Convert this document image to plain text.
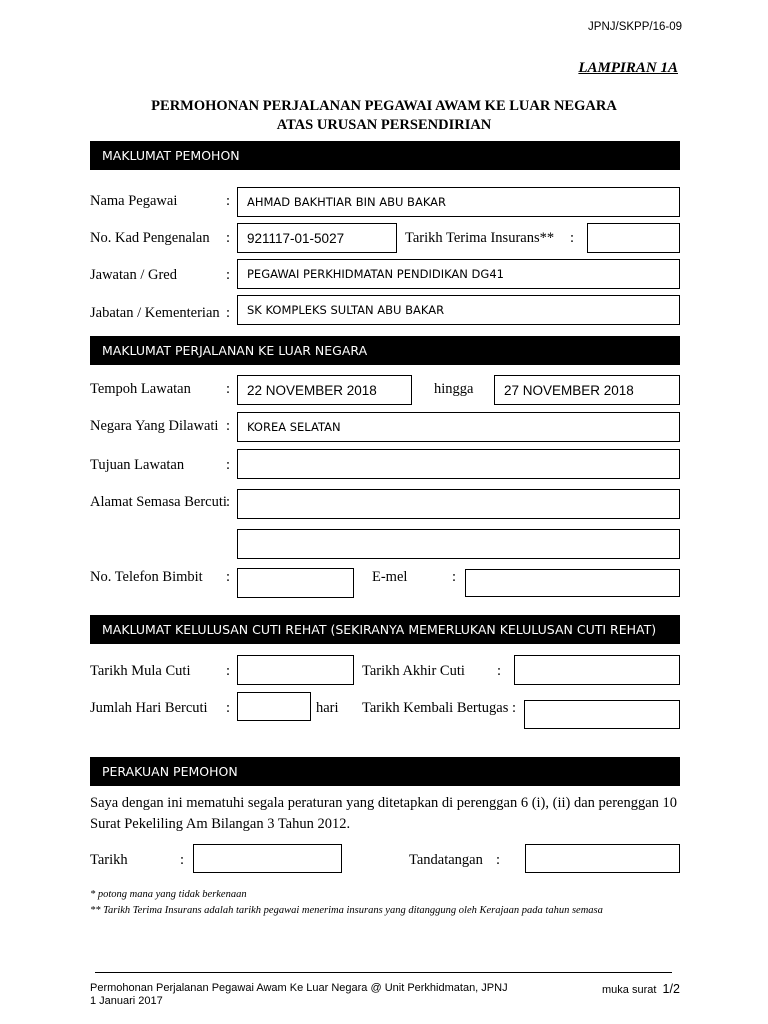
JPNJ/SKPP/16-09
LAMPIRAN 1A
PERMOHONAN PERJALANAN PEGAWAI AWAM KE LUAR NEGARA
ATAS URUSAN PERSENDIRIAN
MAKLUMAT PEMOHON
Nama Pegawai	: AHMAD BAKHTIAR BIN ABU BAKAR
No. Kad Pengenalan : 921117-01-5027	Tarikh Terima Insurans** :
Jawatan / Gred	: PEGAWAI PERKHIDMATAN PENDIDIKAN DG41
Jabatan / Kementerian : SK KOMPLEKS SULTAN ABU BAKAR
MAKLUMAT PERJALANAN KE LUAR NEGARA
Tempoh Lawatan : 22 NOVEMBER 2018	hingga 27 NOVEMBER 2018
Negara Yang Dilawati : KOREA SELATAN
Tujuan Lawatan	:
Alamat Semasa Bercuti :
No. Telefon Bimbit :	E-mel	:
MAKLUMAT KELULUSAN CUTI REHAT (SEKIRANYA MEMERLUKAN KELULUSAN CUTI REHAT)
Tarikh Mula Cuti :	Tarikh Akhir Cuti :
Jumlah Hari Bercuti :	hari Tarikh Kembali Bertugas :
PERAKUAN PEMOHON
Saya dengan ini mematuhi segala peraturan yang ditetapkan di perenggan 6 (i), (ii) dan perenggan 10 Surat Pekeliling Am Bilangan 3 Tahun 2012.
Tarikh	:	Tandatangan :
* potong mana yang tidak berkenaan
** Tarikh Terima Insurans adalah tarikh pegawai menerima insurans yang ditanggung oleh Kerajaan pada tahun semasa
Permohonan Perjalanan Pegawai Awam Ke Luar Negara @ Unit Perkhidmatan, JPNJ
1 Januari 2017
muka surat 1/2
